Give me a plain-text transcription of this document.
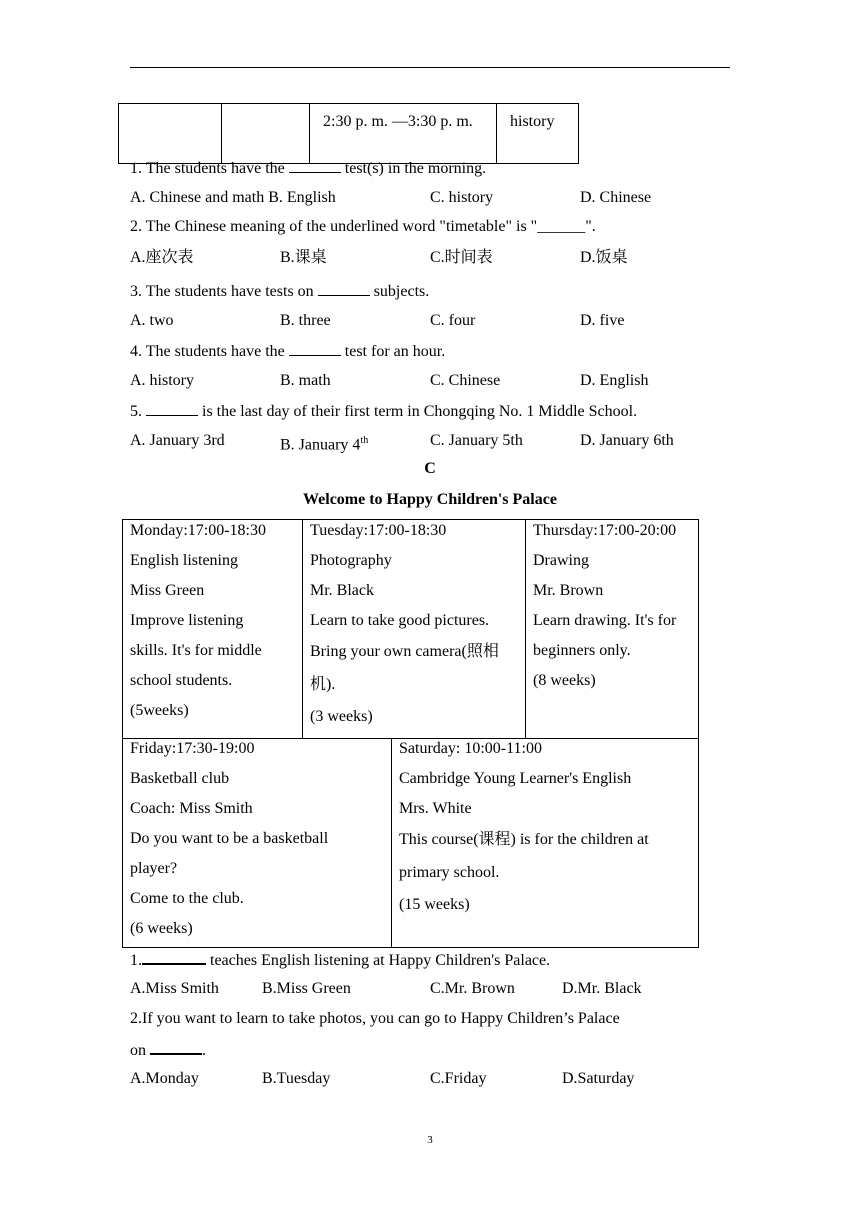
		2:30 p. m. —3:30 p. m.	history
1. The students have the	test(s) in the morning.
A. Chinese and math B. English	C. history	D. Chinese
2. The Chinese meaning of the underlined word "timetable" is "______".
A.座次表	B.课桌	C.时间表	D.饭桌
3. The students have tests on	subjects.
A. two	B. three	C. four	D. five
4. The students have the	test for an hour.
A. history	B. math	C. Chinese	D. English
5.	is the last day of their first term in Chongqing No. 1 Middle School.
A. January 3rd	B. January 4th	C. January 5th	D. January 6th
C
Welcome to Happy Children's Palace
Monday:17:00-18:30
English listening
Miss Green
Improve listening
skills. It's for middle
school students.
(5weeks)
Tuesday:17:00-18:30
Photography
Mr. Black
Learn to take good pictures.
Bring your own camera(照相
机).
(3 weeks)
Thursday:17:00-20:00
Drawing
Mr. Brown
Learn drawing. It's for
beginners only.
(8 weeks)
Friday:17:30-19:00
Basketball club
Coach: Miss Smith
Do you want to be a basketball
player?
Come to the club.
(6 weeks)
Saturday: 10:00-11:00
Cambridge Young Learner's English
Mrs. White
This course(课程) is for the children at
primary school.
(15 weeks)
1.	teaches English listening at Happy Children's Palace.
A.Miss Smith	B.Miss Green	C.Mr. Brown	D.Mr. Black
2.If you want to learn to take photos, you can go to Happy Children’s Palace
on	.
A.Monday	B.Tuesday	C.Friday	D.Saturday
3
